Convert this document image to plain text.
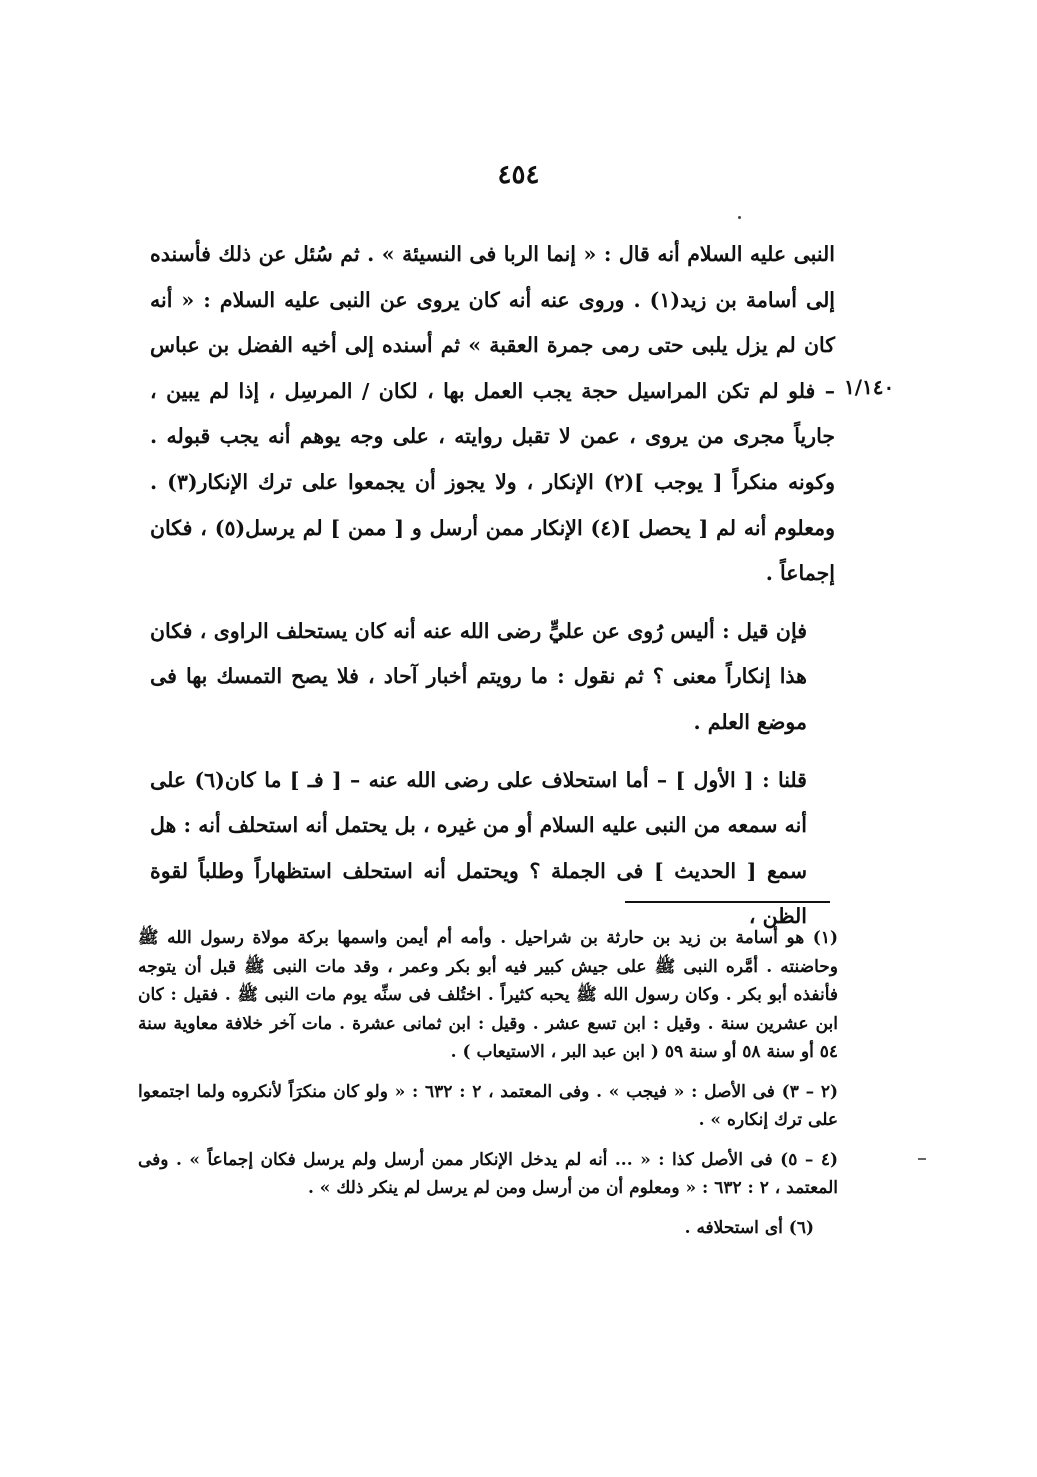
٤٥٤
١/١٤٠

النبى عليه السلام أنه قال : « إنما الربا فى النسيئة » . ثم سُئل عن ذلك فأسنده إلى أسامة بن زيد(١) . وروى عنه أنه كان يروى عن النبى عليه السلام : « أنه كان لم يزل يلبى حتى رمى جمرة العقبة » ثم أسنده إلى أخيه الفضل بن عباس – فلو لم تكن المراسيل حجة يجب العمل بها ، لكان / المرسِل ، إذا لم يبين ، جارياً مجرى من يروى ، عمن لا تقبل روايته ، على وجه يوهم أنه يجب قبوله . وكونه منكراً [ يوجب ](٢) الإنكار ، ولا يجوز أن يجمعوا على ترك الإنكار(٣) . ومعلوم أنه لم [ يحصل ](٤) الإنكار ممن أرسل و [ ممن ] لم يرسل(٥) ، فكان إجماعاً .

فإن قيل : أليس رُوى عن عليٍّ رضى الله عنه أنه كان يستحلف الراوى ، فكان هذا إنكاراً معنى ؟ ثم نقول : ما رويتم أخبار آحاد ، فلا يصح التمسك بها فى موضع العلم .

قلنا : [ الأول ] – أما استحلاف على رضى الله عنه – [ فـ ] ما كان(٦) على أنه سمعه من النبى عليه السلام أو من غيره ، بل يحتمل أنه استحلف أنه : هل سمع [ الحديث ] فى الجملة ؟ ويحتمل أنه استحلف استظهاراً وطلباً لقوة الظن ،

(١) هو أسامة بن زيد بن حارثة بن شراحيل . وأمه أم أيمن واسمها بركة مولاة رسول الله ﷺ وحاضنته . أمَّره النبى ﷺ على جيش كبير فيه أبو بكر وعمر ، وقد مات النبى ﷺ قبل أن يتوجه فأنفذه أبو بكر . وكان رسول الله ﷺ يحبه كثيراً . اختُلف فى سنِّه يوم مات النبى ﷺ . فقيل : كان ابن عشرين سنة . وقيل : ابن تسع عشر . وقيل : ابن ثمانى عشرة . مات آخر خلافة معاوية سنة ٥٤ أو سنة ٥٨ أو سنة ٥٩ ( ابن عبد البر ، الاستيعاب ) .

(٢ – ٣) فى الأصل : « فيجب » . وفى المعتمد ، ٢ : ٦٣٢ : « ولو كان منكرَاً لأنكروه ولما اجتمعوا على ترك إنكاره » .

(٤ – ٥) فى الأصل كذا : « ... أنه لم يدخل الإنكار ممن أرسل ولم يرسل فكان إجماعاً » . وفى المعتمد ، ٢ : ٦٣٢ : « ومعلوم أن من أرسل ومن لم يرسل لم ينكر ذلك » .

(٦) أى استحلافه .
